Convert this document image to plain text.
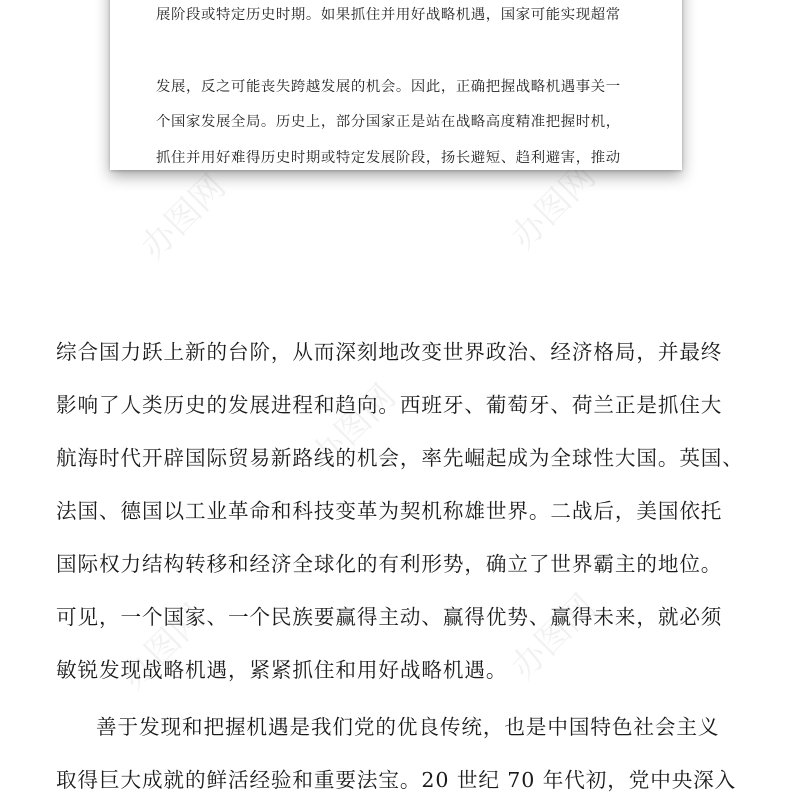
办图网	办图网
办图网
办图网	办图网
展阶段或特定历史时期。如果抓住并用好战略机遇，国家可能实现超常
发展，反之可能丧失跨越发展的机会。因此，正确把握战略机遇事关一
个国家发展全局。历史上，部分国家正是站在战略高度精准把握时机，
抓住并用好难得历史时期或特定发展阶段，扬长避短、趋利避害，推动
综合国力跃上新的台阶，从而深刻地改变世界政治、经济格局，并最终
影响了人类历史的发展进程和趋向。西班牙、葡萄牙、荷兰正是抓住大
航海时代开辟国际贸易新路线的机会，率先崛起成为全球性大国。英国、
法国、德国以工业革命和科技变革为契机称雄世界。二战后，美国依托
国际权力结构转移和经济全球化的有利形势，确立了世界霸主的地位。
可见，一个国家、一个民族要赢得主动、赢得优势、赢得未来，就必须
敏锐发现战略机遇，紧紧抓住和用好战略机遇。
善于发现和把握机遇是我们党的优良传统，也是中国特色社会主义
取得巨大成就的鲜活经验和重要法宝。20 世纪 70 年代初，党中央深入
